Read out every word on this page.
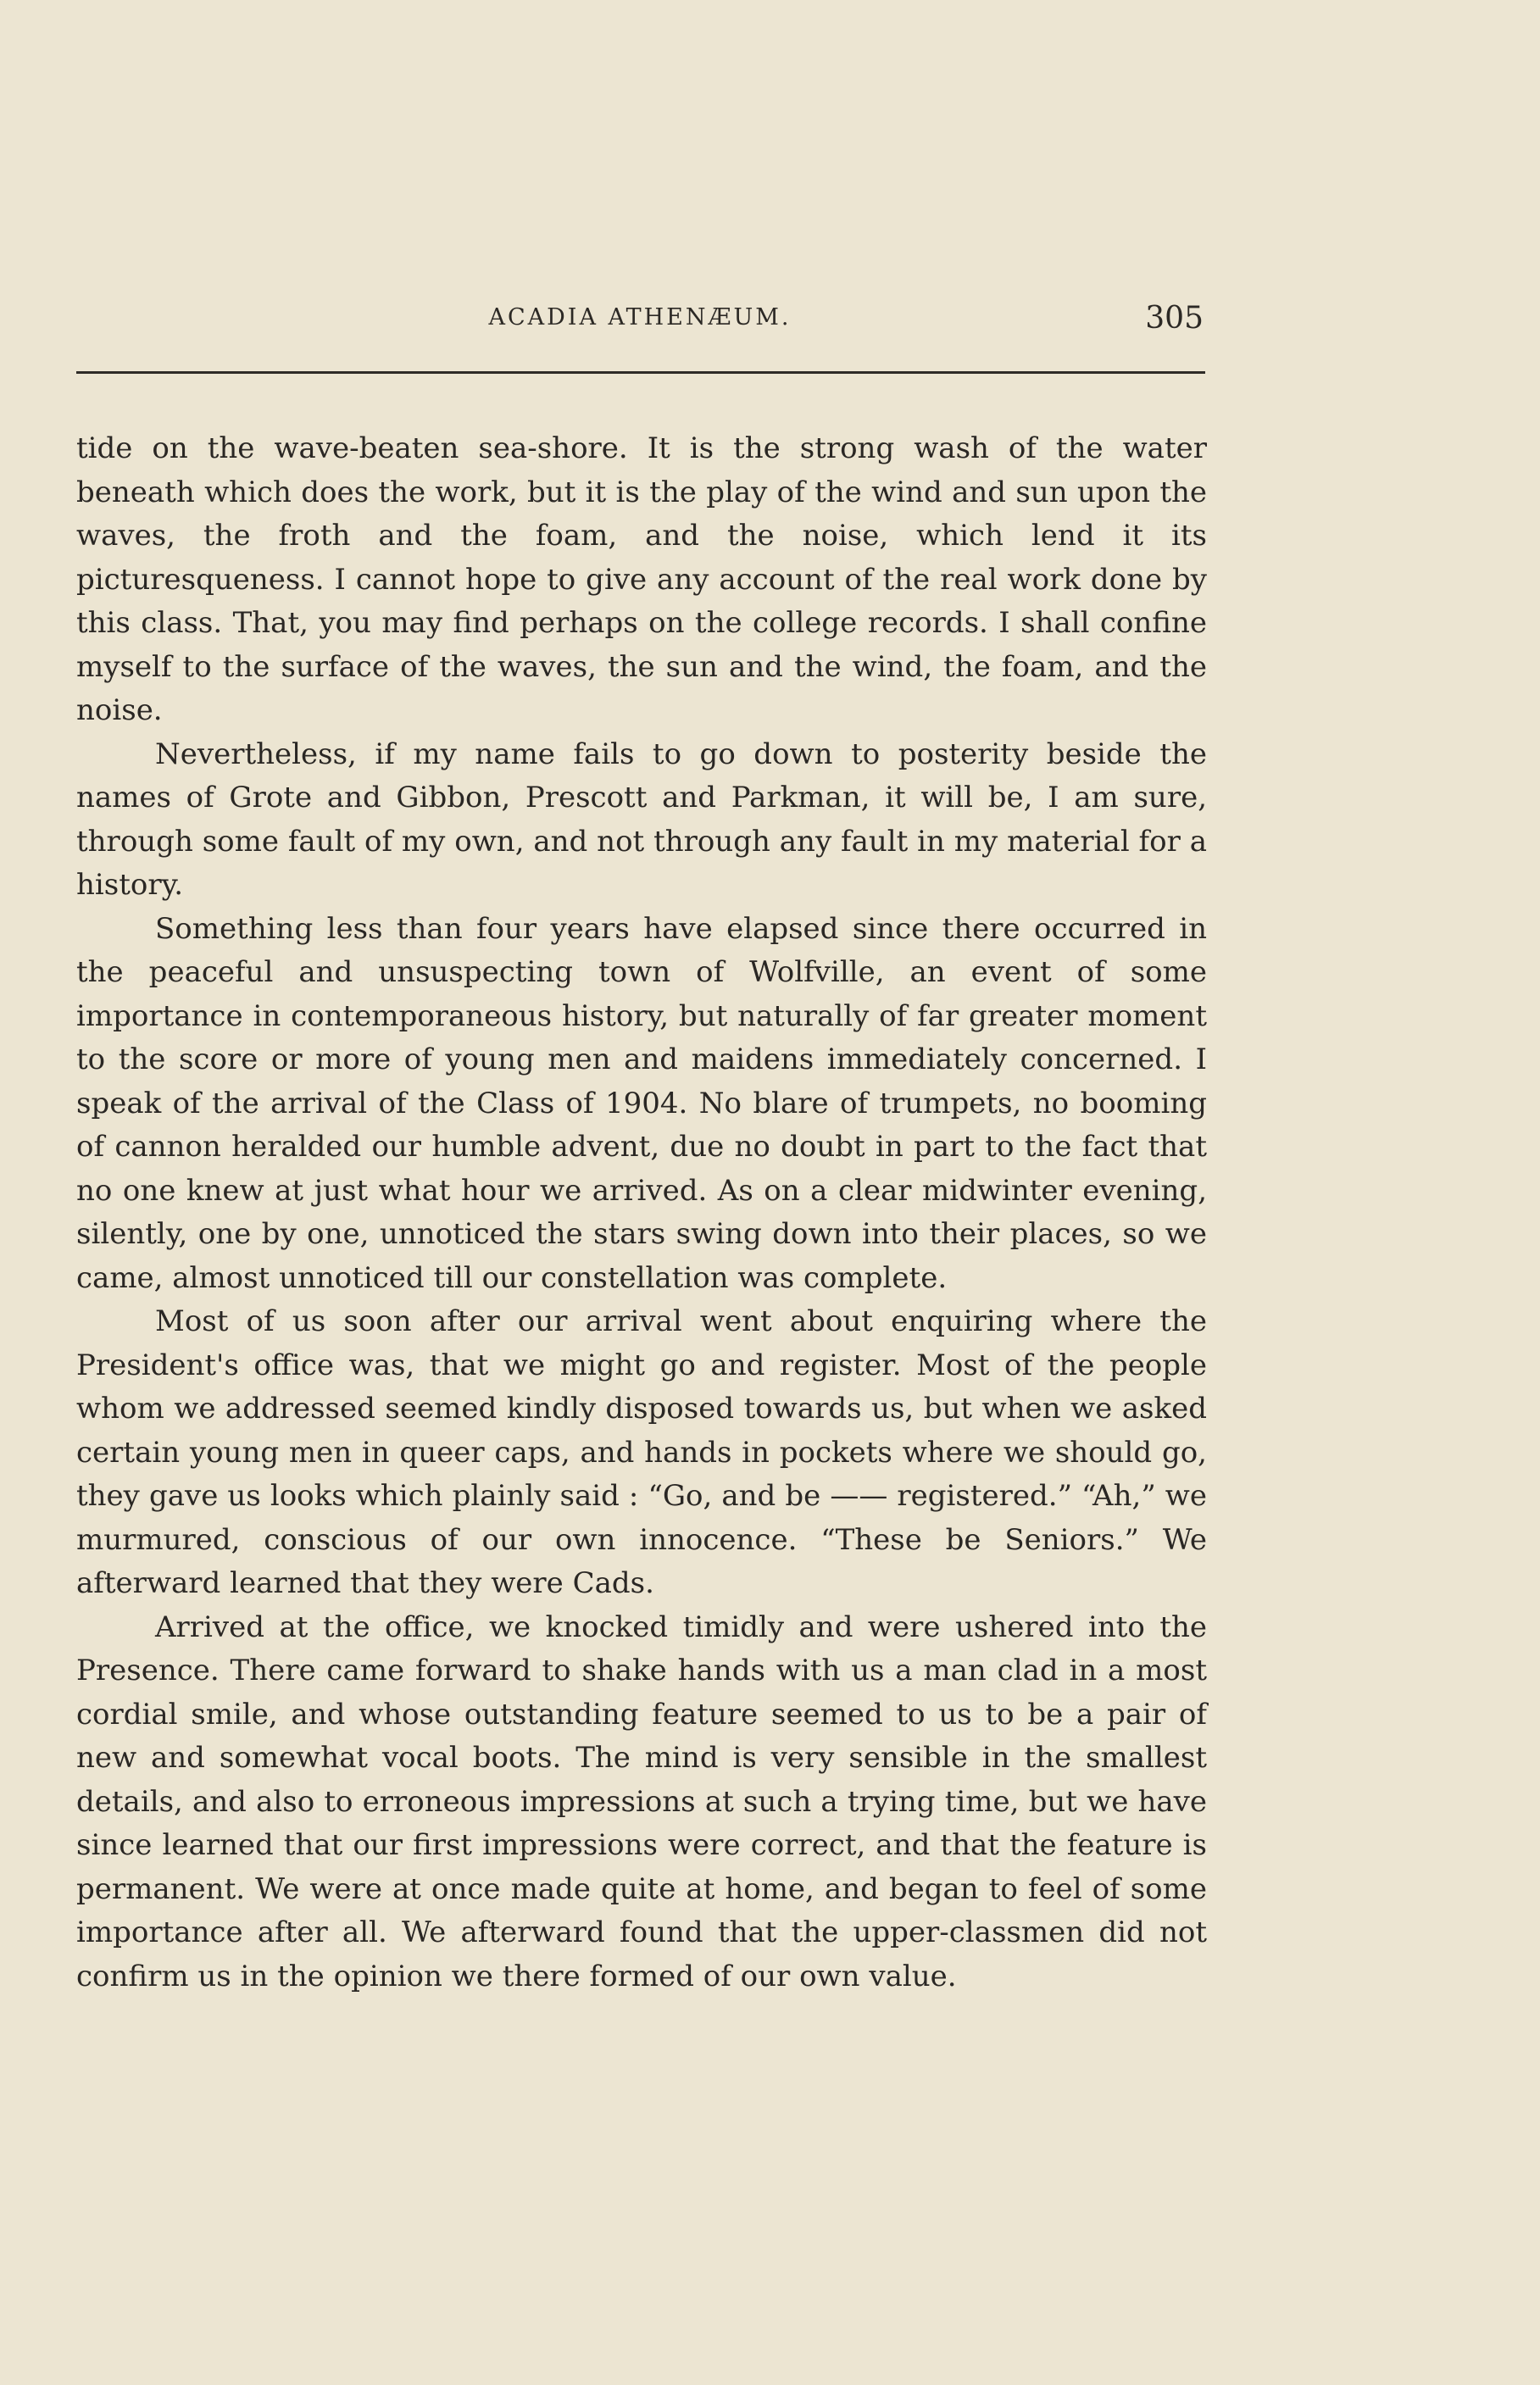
ACADIA ATHENÆUM.	305

tide on the wave-beaten sea-shore. It is the strong wash of the water beneath which does the work, but it is the play of the wind and sun upon the waves, the froth and the foam, and the noise, which lend it its picturesqueness. I cannot hope to give any account of the real work done by this class. That, you may find perhaps on the college records. I shall confine myself to the surface of the waves, the sun and the wind, the foam, and the noise.

Nevertheless, if my name fails to go down to posterity beside the names of Grote and Gibbon, Prescott and Parkman, it will be, I am sure, through some fault of my own, and not through any fault in my material for a history.

Something less than four years have elapsed since there occurred in the peaceful and unsuspecting town of Wolfville, an event of some importance in contemporaneous history, but naturally of far greater moment to the score or more of young men and maidens immediately concerned. I speak of the arrival of the Class of 1904. No blare of trumpets, no booming of cannon heralded our humble advent, due no doubt in part to the fact that no one knew at just what hour we arrived. As on a clear midwinter evening, silently, one by one, unnoticed the stars swing down into their places, so we came, almost unnoticed till our constellation was complete.

Most of us soon after our arrival went about enquiring where the President's office was, that we might go and register. Most of the people whom we addressed seemed kindly disposed towards us, but when we asked certain young men in queer caps, and hands in pockets where we should go, they gave us looks which plainly said : “Go, and be —— registered.” “Ah,” we murmured, conscious of our own innocence. “These be Seniors.” We afterward learned that they were Cads.

Arrived at the office, we knocked timidly and were ushered into the Presence. There came forward to shake hands with us a man clad in a most cordial smile, and whose outstanding feature seemed to us to be a pair of new and somewhat vocal boots. The mind is very sensible in the smallest details, and also to erroneous impressions at such a trying time, but we have since learned that our first impressions were correct, and that the feature is permanent. We were at once made quite at home, and began to feel of some importance after all. We afterward found that the upper-classmen did not confirm us in the opinion we there formed of our own value.
